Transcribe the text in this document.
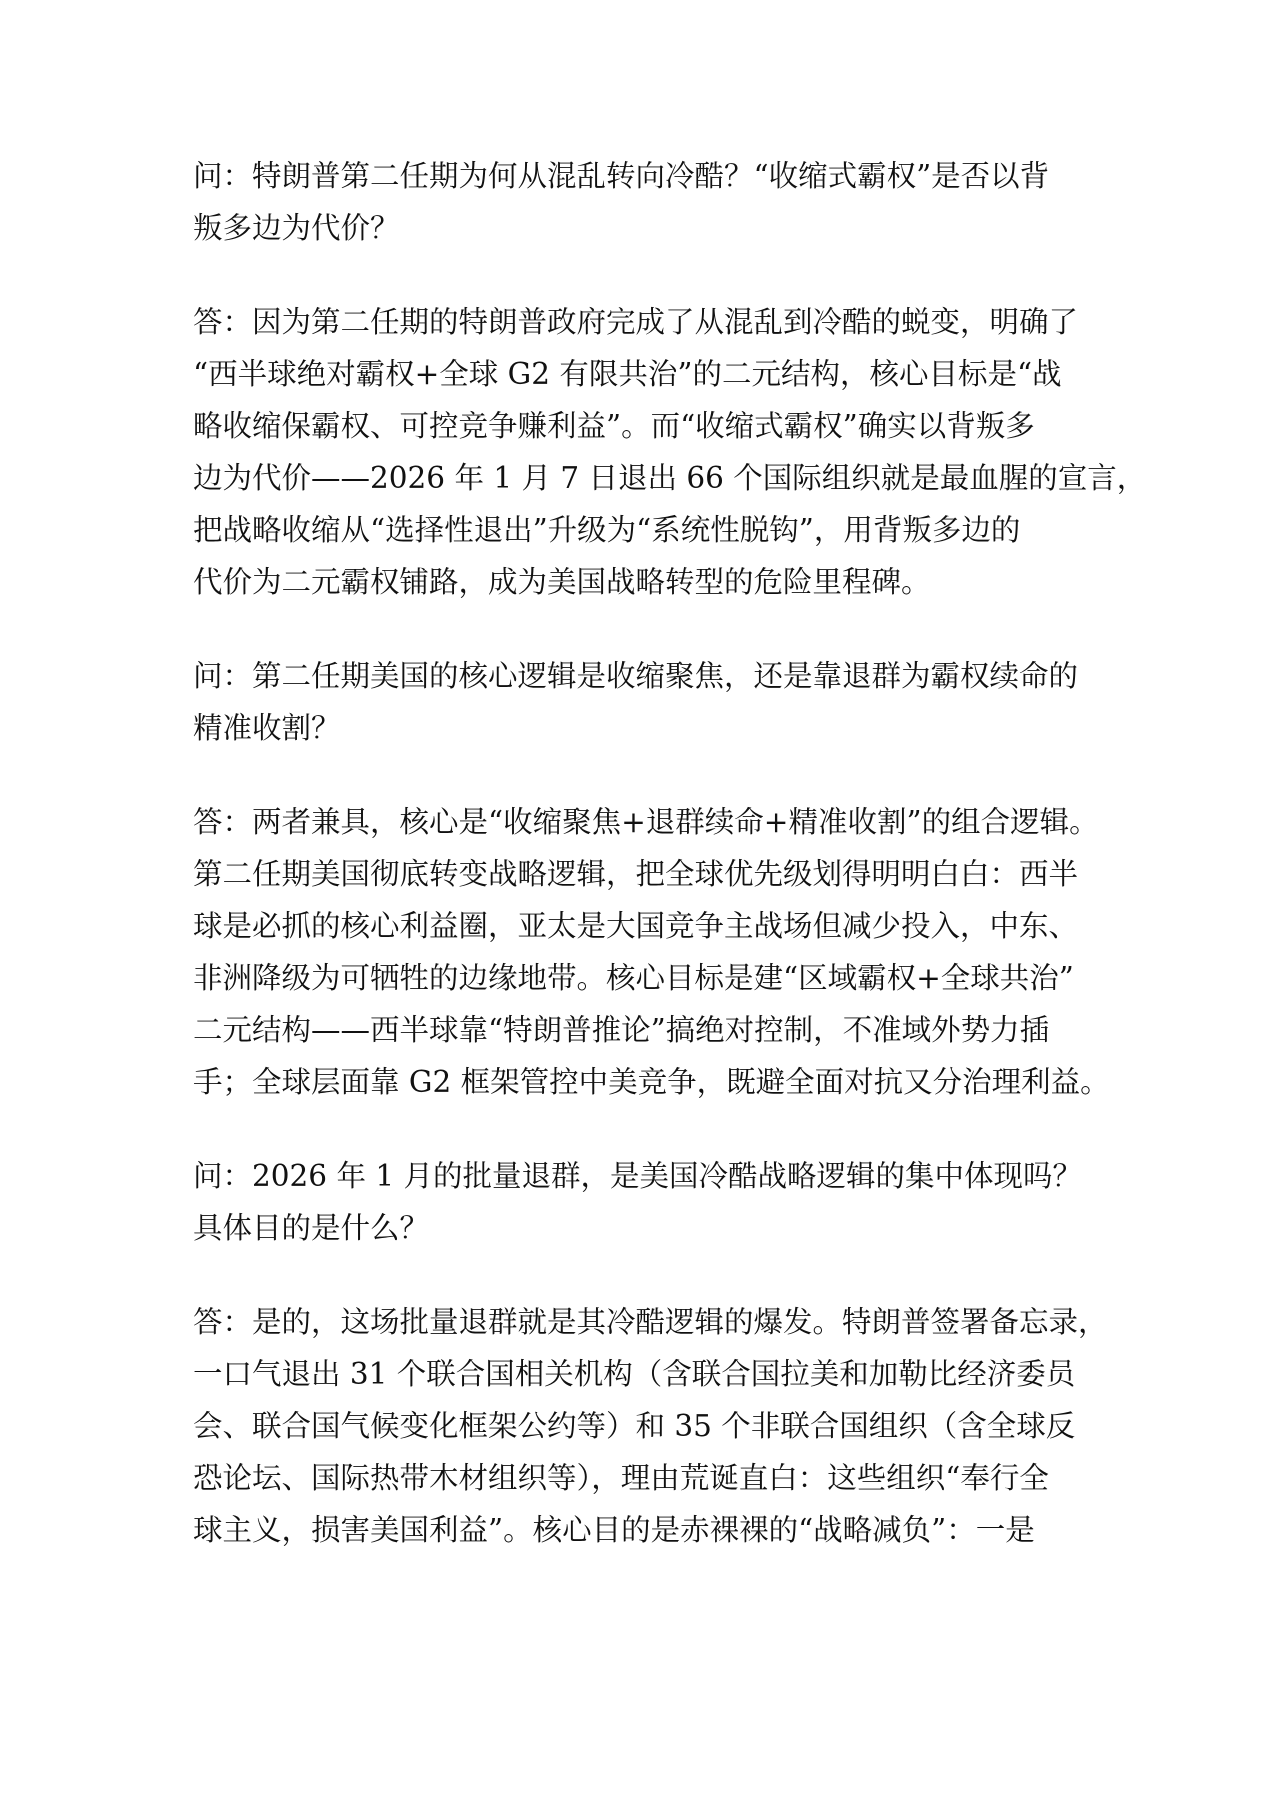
问：特朗普第二任期为何从混乱转向冷酷？“收缩式霸权”是否以背
叛多边为代价？

答：因为第二任期的特朗普政府完成了从混乱到冷酷的蜕变，明确了
“西半球绝对霸权+全球 G2 有限共治”的二元结构，核心目标是“战
略收缩保霸权、可控竞争赚利益”。而“收缩式霸权”确实以背叛多
边为代价——2026 年 1 月 7 日退出 66 个国际组织就是最血腥的宣言，
把战略收缩从“选择性退出”升级为“系统性脱钩”，用背叛多边的
代价为二元霸权铺路，成为美国战略转型的危险里程碑。

问：第二任期美国的核心逻辑是收缩聚焦，还是靠退群为霸权续命的
精准收割？

答：两者兼具，核心是“收缩聚焦+退群续命+精准收割”的组合逻辑。
第二任期美国彻底转变战略逻辑，把全球优先级划得明明白白：西半
球是必抓的核心利益圈，亚太是大国竞争主战场但减少投入，中东、
非洲降级为可牺牲的边缘地带。核心目标是建“区域霸权+全球共治”
二元结构——西半球靠“特朗普推论”搞绝对控制，不准域外势力插
手；全球层面靠 G2 框架管控中美竞争，既避全面对抗又分治理利益。

问：2026 年 1 月的批量退群，是美国冷酷战略逻辑的集中体现吗？
具体目的是什么？

答：是的，这场批量退群就是其冷酷逻辑的爆发。特朗普签署备忘录，
一口气退出 31 个联合国相关机构（含联合国拉美和加勒比经济委员
会、联合国气候变化框架公约等）和 35 个非联合国组织（含全球反
恐论坛、国际热带木材组织等），理由荒诞直白：这些组织“奉行全
球主义，损害美国利益”。核心目的是赤裸裸的“战略减负”：一是
